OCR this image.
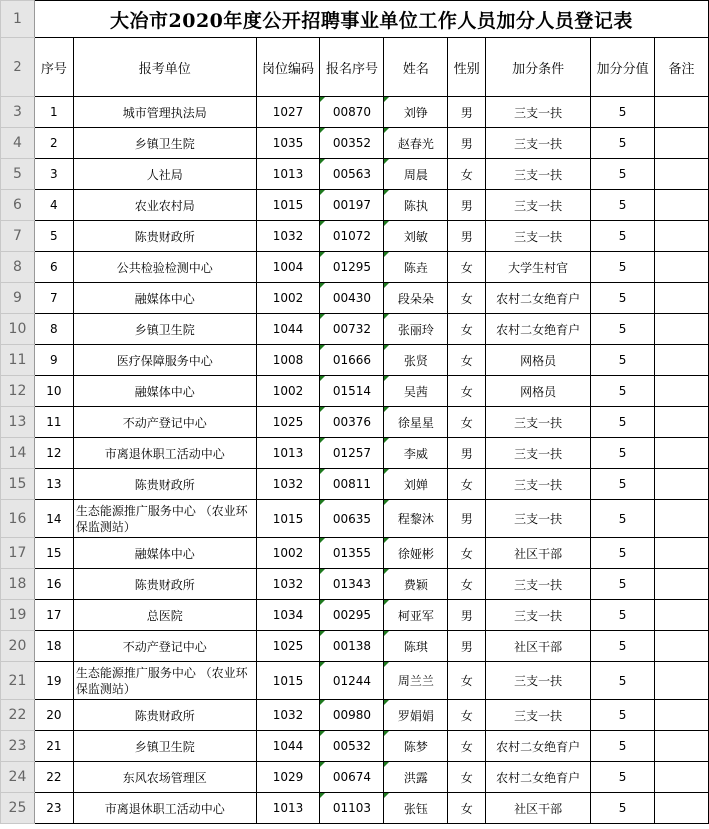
1	大冶市2020年度公开招聘事业单位工作人员加分人员登记表								
2	序号	报考单位	岗位编码	报名序号	姓名	性别	加分条件	加分分值	备注
3	1	城市管理执法局	1027	00870	刘铮	男	三支一扶	5	
4	2	乡镇卫生院	1035	00352	赵春光	男	三支一扶	5	
5	3	人社局	1013	00563	周晨	女	三支一扶	5	
6	4	农业农村局	1015	00197	陈执	男	三支一扶	5	
7	5	陈贵财政所	1032	01072	刘敏	男	三支一扶	5	
8	6	公共检验检测中心	1004	01295	陈垚	女	大学生村官	5	
9	7	融媒体中心	1002	00430	段朵朵	女	农村二女绝育户	5	
10	8	乡镇卫生院	1044	00732	张丽玲	女	农村二女绝育户	5	
11	9	医疗保障服务中心	1008	01666	张贤	女	网格员	5	
12	10	融媒体中心	1002	01514	吴茜	女	网格员	5	
13	11	不动产登记中心	1025	00376	徐星星	女	三支一扶	5	
14	12	市离退休职工活动中心	1013	01257	李威	男	三支一扶	5	
15	13	陈贵财政所	1032	00811	刘婵	女	三支一扶	5	
16	14	生态能源推广服务中心 （农业环保监测站）	1015	00635	程黎沐	男	三支一扶	5	
17	15	融媒体中心	1002	01355	徐娅彬	女	社区干部	5	
18	16	陈贵财政所	1032	01343	费颖	女	三支一扶	5	
19	17	总医院	1034	00295	柯亚军	男	三支一扶	5	
20	18	不动产登记中心	1025	00138	陈琪	男	社区干部	5	
21	19	生态能源推广服务中心 （农业环保监测站）	1015	01244	周兰兰	女	三支一扶	5	
22	20	陈贵财政所	1032	00980	罗娟娟	女	三支一扶	5	
23	21	乡镇卫生院	1044	00532	陈梦	女	农村二女绝育户	5	
24	22	东风农场管理区	1029	00674	洪露	女	农村二女绝育户	5	
25	23	市离退休职工活动中心	1013	01103	张钰	女	社区干部	5	
